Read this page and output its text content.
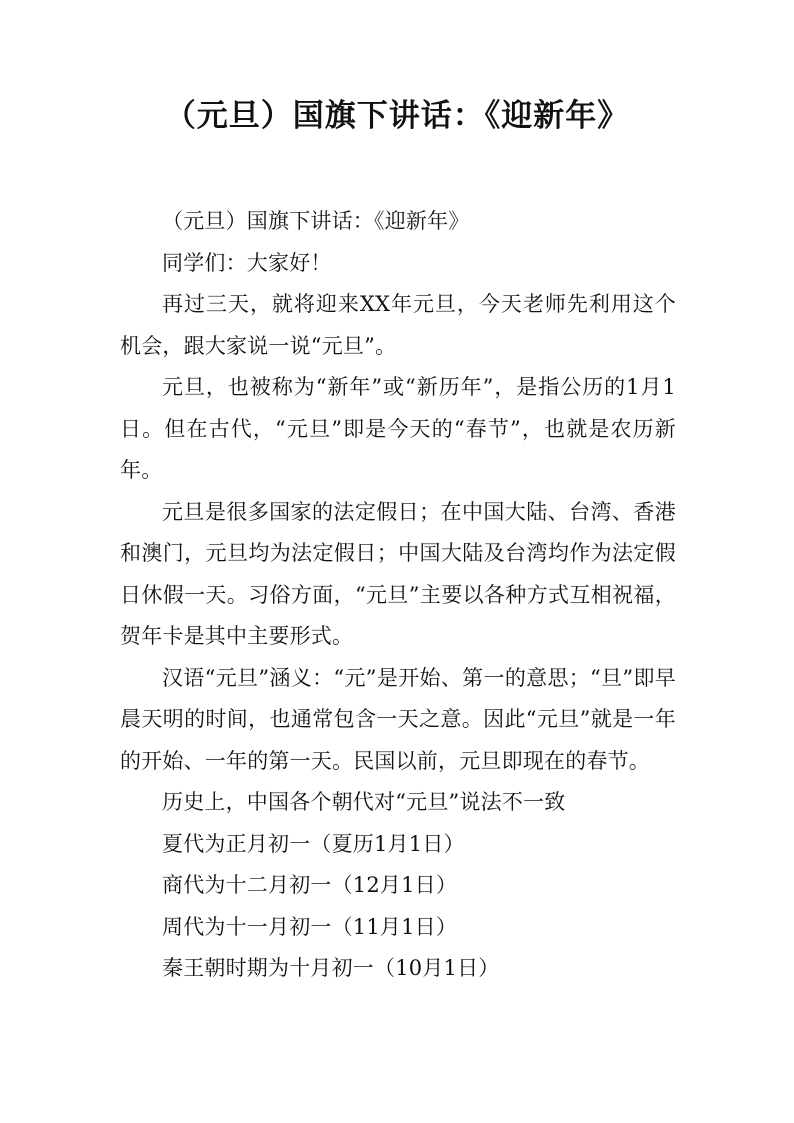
（元旦）国旗下讲话：《迎新年》

（元旦）国旗下讲话：《迎新年》

同学们：大家好！

再过三天，就将迎来XX年元旦，今天老师先利用这个机会，跟大家说一说“元旦”。

元旦，也被称为“新年”或“新历年”，是指公历的1月1日。但在古代，“元旦”即是今天的“春节”，也就是农历新年。

元旦是很多国家的法定假日；在中国大陆、台湾、香港和澳门，元旦均为法定假日；中国大陆及台湾均作为法定假日休假一天。习俗方面，“元旦”主要以各种方式互相祝福，贺年卡是其中主要形式。

汉语“元旦”涵义：“元”是开始、第一的意思；“旦”即早晨天明的时间，也通常包含一天之意。因此“元旦”就是一年的开始、一年的第一天。民国以前，元旦即现在的春节。

历史上，中国各个朝代对“元旦”说法不一致

夏代为正月初一（夏历1月1日）

商代为十二月初一（12月1日）

周代为十一月初一（11月1日）

秦王朝时期为十月初一（10月1日）
